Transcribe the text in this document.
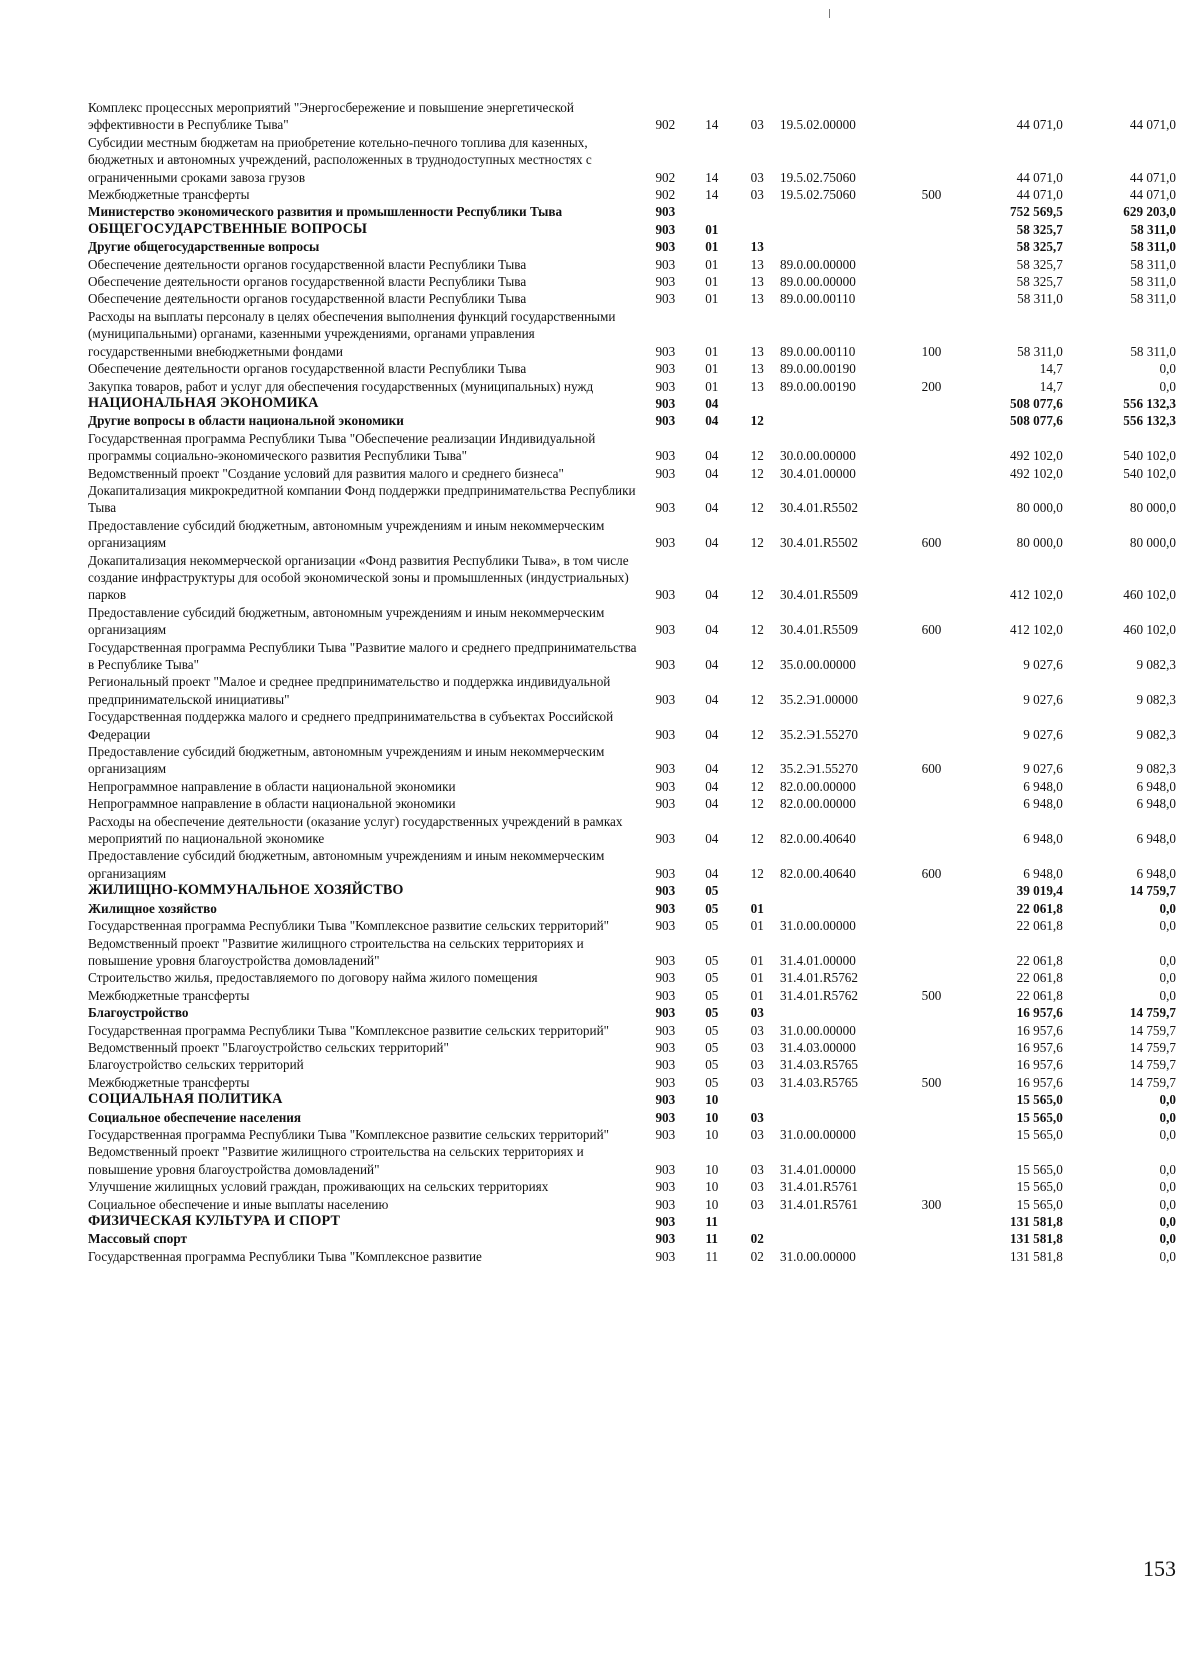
Комплекс процессных мероприятий "Энергосбережение и повышение энергетической эффективности в Республике Тыва"	902	14	03	19.5.02.00000		44 071,0	44 071,0
Субсидии местным бюджетам на приобретение котельно-печного топлива для казенных, бюджетных и автономных учреждений, расположенных в труднодоступных местностях с ограниченными сроками завоза грузов	902	14	03	19.5.02.75060		44 071,0	44 071,0
Межбюджетные трансферты	902	14	03	19.5.02.75060	500	44 071,0	44 071,0
Министерство экономического развития и промышленности Республики Тыва	903					752 569,5	629 203,0
ОБЩЕГОСУДАРСТВЕННЫЕ ВОПРОСЫ	903	01				58 325,7	58 311,0
Другие общегосударственные вопросы	903	01	13			58 325,7	58 311,0
Обеспечение деятельности органов государственной власти Республики Тыва	903	01	13	89.0.00.00000		58 325,7	58 311,0
Обеспечение деятельности органов государственной власти Республики Тыва	903	01	13	89.0.00.00000		58 325,7	58 311,0
Обеспечение деятельности органов государственной власти Республики Тыва	903	01	13	89.0.00.00110		58 311,0	58 311,0
Расходы на выплаты персоналу в целях обеспечения выполнения функций государственными (муниципальными) органами, казенными учреждениями, органами управления государственными внебюджетными фондами	903	01	13	89.0.00.00110	100	58 311,0	58 311,0
Обеспечение деятельности органов государственной власти Республики Тыва	903	01	13	89.0.00.00190		14,7	0,0
Закупка товаров, работ и услуг для обеспечения государственных (муниципальных) нужд	903	01	13	89.0.00.00190	200	14,7	0,0
НАЦИОНАЛЬНАЯ ЭКОНОМИКА	903	04				508 077,6	556 132,3
Другие вопросы в области национальной экономики	903	04	12			508 077,6	556 132,3
Государственная программа Республики Тыва "Обеспечение реализации Индивидуальной программы социально-экономического развития Республики Тыва"	903	04	12	30.0.00.00000		492 102,0	540 102,0
Ведомственный проект "Создание условий для развития малого и среднего бизнеса"	903	04	12	30.4.01.00000		492 102,0	540 102,0
Докапитализация микрокредитной компании Фонд поддержки предпринимательства Республики Тыва	903	04	12	30.4.01.R5502		80 000,0	80 000,0
Предоставление субсидий бюджетным, автономным учреждениям и иным некоммерческим организациям	903	04	12	30.4.01.R5502	600	80 000,0	80 000,0
Докапитализация некоммерческой организации «Фонд развития Республики Тыва», в том числе создание инфраструктуры для особой экономической зоны и промышленных (индустриальных) парков	903	04	12	30.4.01.R5509		412 102,0	460 102,0
Предоставление субсидий бюджетным, автономным учреждениям и иным некоммерческим организациям	903	04	12	30.4.01.R5509	600	412 102,0	460 102,0
Государственная программа Республики Тыва "Развитие малого и среднего предпринимательства в Республике Тыва"	903	04	12	35.0.00.00000		9 027,6	9 082,3
Региональный проект "Малое и среднее предпринимательство и поддержка индивидуальной предпринимательской инициативы"	903	04	12	35.2.Э1.00000		9 027,6	9 082,3
Государственная поддержка малого и среднего предпринимательства в субъектах Российской Федерации	903	04	12	35.2.Э1.55270		9 027,6	9 082,3
Предоставление субсидий бюджетным, автономным учреждениям и иным некоммерческим организациям	903	04	12	35.2.Э1.55270	600	9 027,6	9 082,3
Непрограммное направление в области национальной экономики	903	04	12	82.0.00.00000		6 948,0	6 948,0
Непрограммное направление в области национальной экономики	903	04	12	82.0.00.00000		6 948,0	6 948,0
Расходы на обеспечение деятельности (оказание услуг) государственных учреждений в рамках мероприятий по национальной экономике	903	04	12	82.0.00.40640		6 948,0	6 948,0
Предоставление субсидий бюджетным, автономным учреждениям и иным некоммерческим организациям	903	04	12	82.0.00.40640	600	6 948,0	6 948,0
ЖИЛИЩНО-КОММУНАЛЬНОЕ ХОЗЯЙСТВО	903	05				39 019,4	14 759,7
Жилищное хозяйство	903	05	01			22 061,8	0,0
Государственная программа Республики Тыва "Комплексное развитие сельских территорий"	903	05	01	31.0.00.00000		22 061,8	0,0
Ведомственный проект "Развитие жилищного строительства на сельских территориях и повышение уровня благоустройства домовладений"	903	05	01	31.4.01.00000		22 061,8	0,0
Строительство жилья, предоставляемого по договору найма жилого помещения	903	05	01	31.4.01.R5762		22 061,8	0,0
Межбюджетные трансферты	903	05	01	31.4.01.R5762	500	22 061,8	0,0
Благоустройство	903	05	03			16 957,6	14 759,7
Государственная программа Республики Тыва "Комплексное развитие сельских территорий"	903	05	03	31.0.00.00000		16 957,6	14 759,7
Ведомственный проект "Благоустройство сельских территорий"	903	05	03	31.4.03.00000		16 957,6	14 759,7
Благоустройство сельских территорий	903	05	03	31.4.03.R5765		16 957,6	14 759,7
Межбюджетные трансферты	903	05	03	31.4.03.R5765	500	16 957,6	14 759,7
СОЦИАЛЬНАЯ ПОЛИТИКА	903	10				15 565,0	0,0
Социальное обеспечение населения	903	10	03			15 565,0	0,0
Государственная программа Республики Тыва "Комплексное развитие сельских территорий"	903	10	03	31.0.00.00000		15 565,0	0,0
Ведомственный проект "Развитие жилищного строительства на сельских территориях и повышение уровня благоустройства домовладений"	903	10	03	31.4.01.00000		15 565,0	0,0
Улучшение жилищных условий граждан, проживающих на сельских территориях	903	10	03	31.4.01.R5761		15 565,0	0,0
Социальное обеспечение и иные выплаты населению	903	10	03	31.4.01.R5761	300	15 565,0	0,0
ФИЗИЧЕСКАЯ КУЛЬТУРА И СПОРТ	903	11				131 581,8	0,0
Массовый спорт	903	11	02			131 581,8	0,0
Государственная программа Республики Тыва "Комплексное развитие	903	11	02	31.0.00.00000		131 581,8	0,0
153
